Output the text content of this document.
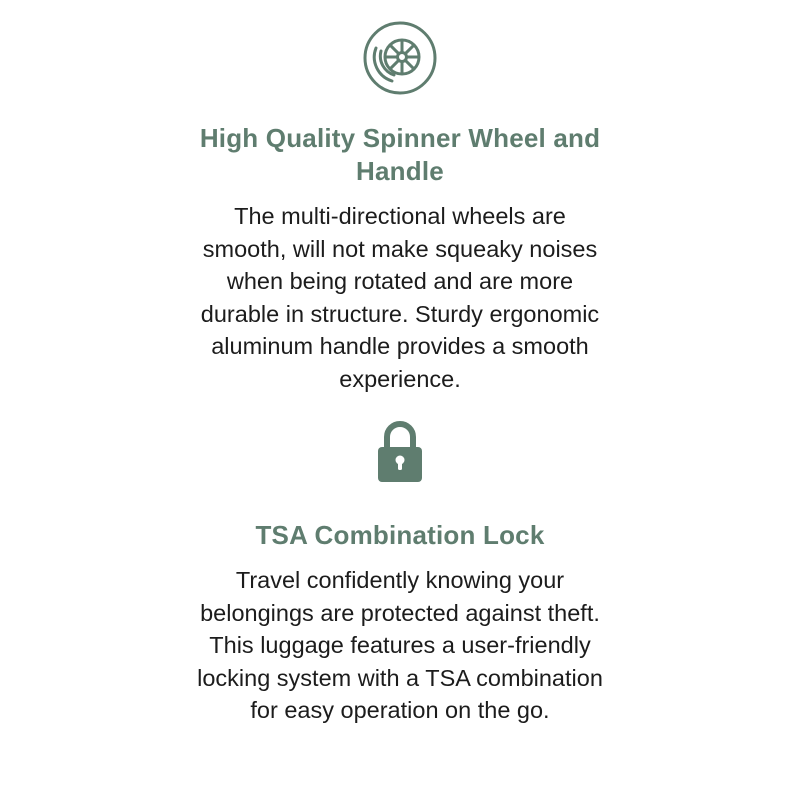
High Quality Spinner Wheel and Handle

The multi-directional wheels are smooth, will not make squeaky noises when being rotated and are more durable in structure. Sturdy ergonomic aluminum handle provides a smooth experience.

TSA Combination Lock

Travel confidently knowing your belongings are protected against theft. This luggage features a user-friendly locking system with a TSA combination for easy operation on the go.
